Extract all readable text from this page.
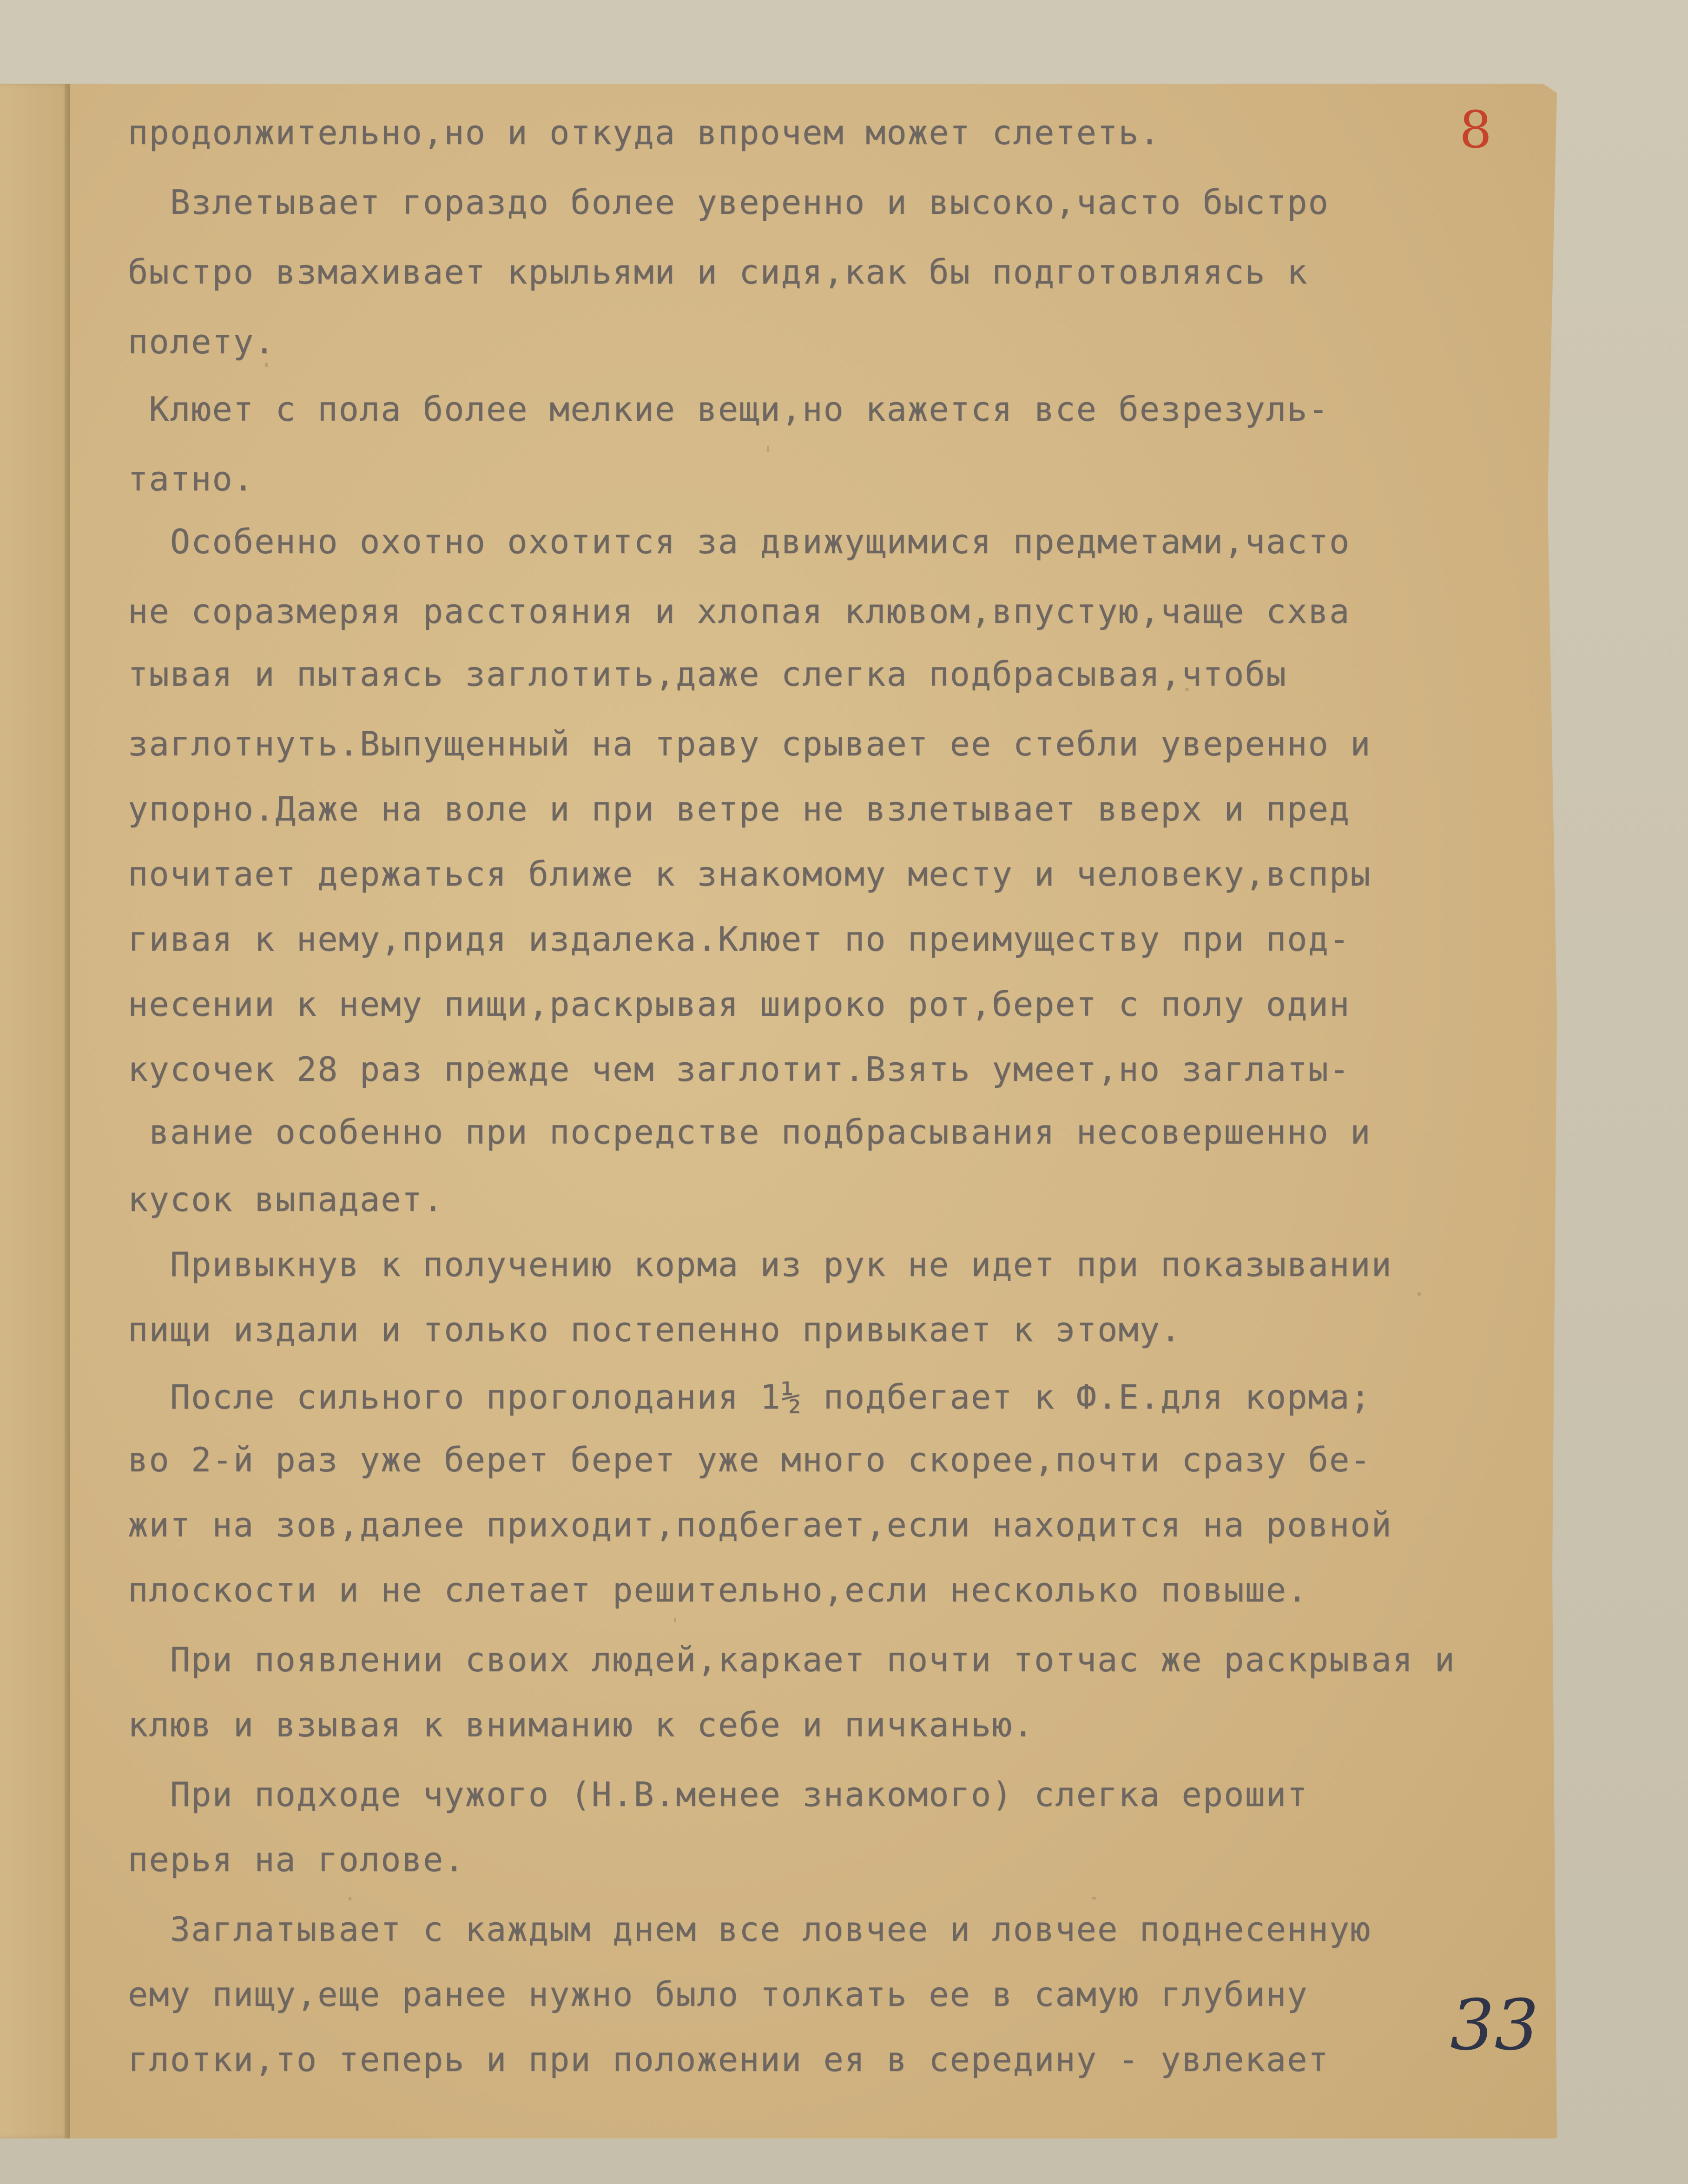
8
продолжительно,но и откуда впрочем может слететь.
Взлетывает гораздо более уверенно и высоко,часто быстро
быстро взмахивает крыльями и сидя,как бы подготовляясь к
полету.
Клюет с пола более мелкие вещи,но кажется все безрезуль-
татно.
Особенно охотно охотится за движущимися предметами,часто
не соразмеряя расстояния и хлопая клювом,впустую,чаще схва
тывая и пытаясь заглотить,даже слегка подбрасывая,чтобы
заглотнуть.Выпущенный на траву срывает ее стебли уверенно и
упорно.Даже на воле и при ветре не взлетывает вверх и пред
почитает держаться ближе к знакомому месту и человеку,вспры
гивая к нему,придя издалека.Клюет по преимуществу при под-
несении к нему пищи,раскрывая широко рот,берет с полу один
кусочек 28 раз прежде чем заглотит.Взять умеет,но заглаты-
вание особенно при посредстве подбрасывания несовершенно и
кусок выпадает.
Привыкнув к получению корма из рук не идет при показывании
пищи издали и только постепенно привыкает к этому.
После сильного проголодания 1½ подбегает к Ф.Е.для корма;
во 2-й раз уже берет берет уже много скорее,почти сразу бе-
жит на зов,далее приходит,подбегает,если находится на ровной
плоскости и не слетает решительно,если несколько повыше.
При появлении своих людей,каркает почти тотчас же раскрывая и
клюв и взывая к вниманию к себе и пичканью.
При подходе чужого (Н.В.менее знакомого) слегка ерошит
перья на голове.
Заглатывает с каждым днем все ловчее и ловчее поднесенную
ему пищу,еще ранее нужно было толкать ее в самую глубину
глотки,то теперь и при положении ея в середину - увлекает	33
